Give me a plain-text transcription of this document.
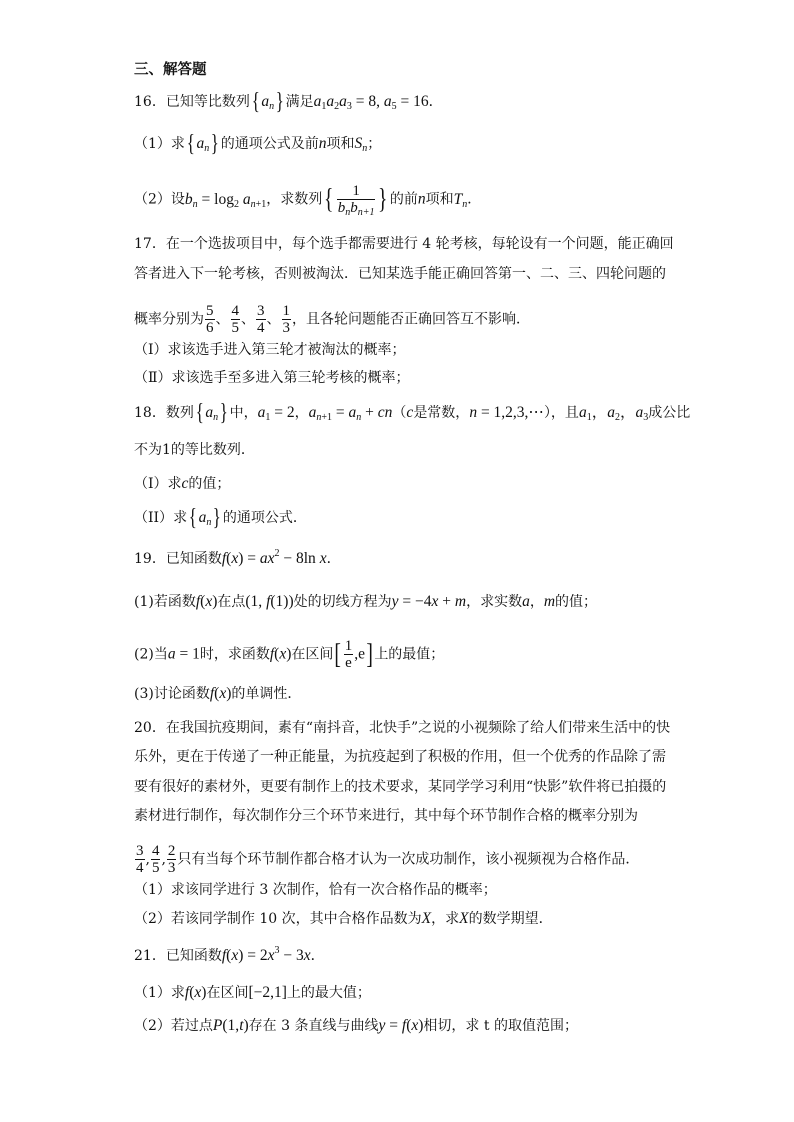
三、解答题
16．已知等比数列{ $a_n$} 满足$a_1a_2a_3 = 8$, $a_5 = 16$．
（1）求{ $a_n$} 的通项公式及前n项和$S_n$；
（2）设$b_n = \log_2 a_{n+1}$，求数列{ $\frac{1}{b_nb_{n+1}}$ } 的前n项和$T_n$．
17．在一个选拔项目中，每个选手都需要进行 4 轮考核，每轮设有一个问题，能正确回
答者进入下一轮考核，否则被淘汰．已知某选手能正确回答第一、二、三、四轮问题的
概率分别为 $\frac{5}{6}$ 、 $\frac{4}{5}$ 、 $\frac{3}{4}$ 、 $\frac{1}{3}$ ，且各轮问题能否正确回答互不影响．
（Ⅰ）求该选手进入第三轮才被淘汰的概率；
（Ⅱ）求该选手至多进入第三轮考核的概率；
18．数列{ $a_n$} 中，$a_1 = 2$，$a_{n+1} = a_n + cn(c$是常数，n = 1,2,3,⋯），且$a_1$，$a_2$，$a_3$成公比
不为1的等比数列．
（I）求c的值；
（II）求{ $a_n$} 的通项公式．
19．已知函数$f(x) = ax^2 - 8\ln$ x．
(1)若函数f(x)在点(1, f(1))处的切线方程为y = −4x + m，求实数a，m的值；
(2)当a = 1时，求函数f(x)在区间[ $\frac{1}{e} ,e$]上的最值；
(3)讨论函数f(x)的单调性．
20．在我国抗疫期间，素有“南抖音，北快手”之说的小视频除了给人们带来生活中的快
乐外，更在于传递了一种正能量，为抗疫起到了积极的作用，但一个优秀的作品除了需
要有很好的素材外，更要有制作上的技术要求，某同学学习利用“快影”软件将已拍摄的
素材进行制作，每次制作分三个环节来进行，其中每个环节制作合格的概率分别为
$\frac{3}{4}$ , $\frac{4}{5}$ , $\frac{2}{3}$ 只有当每个环节制作都合格才认为一次成功制作，该小视频视为合格作品．
（1）求该同学进行 3 次制作，恰有一次合格作品的概率；
（2）若该同学制作 10 次，其中合格作品数为X，求X的数学期望．
21．已知函数$f(x) = 2x^3 - 3x$．
（1）求f(x)在区间[−2,1]上的最大值；
（2）若过点P(1,t)存在 3 条直线与曲线y = f(x)相切，求 t 的取值范围；
